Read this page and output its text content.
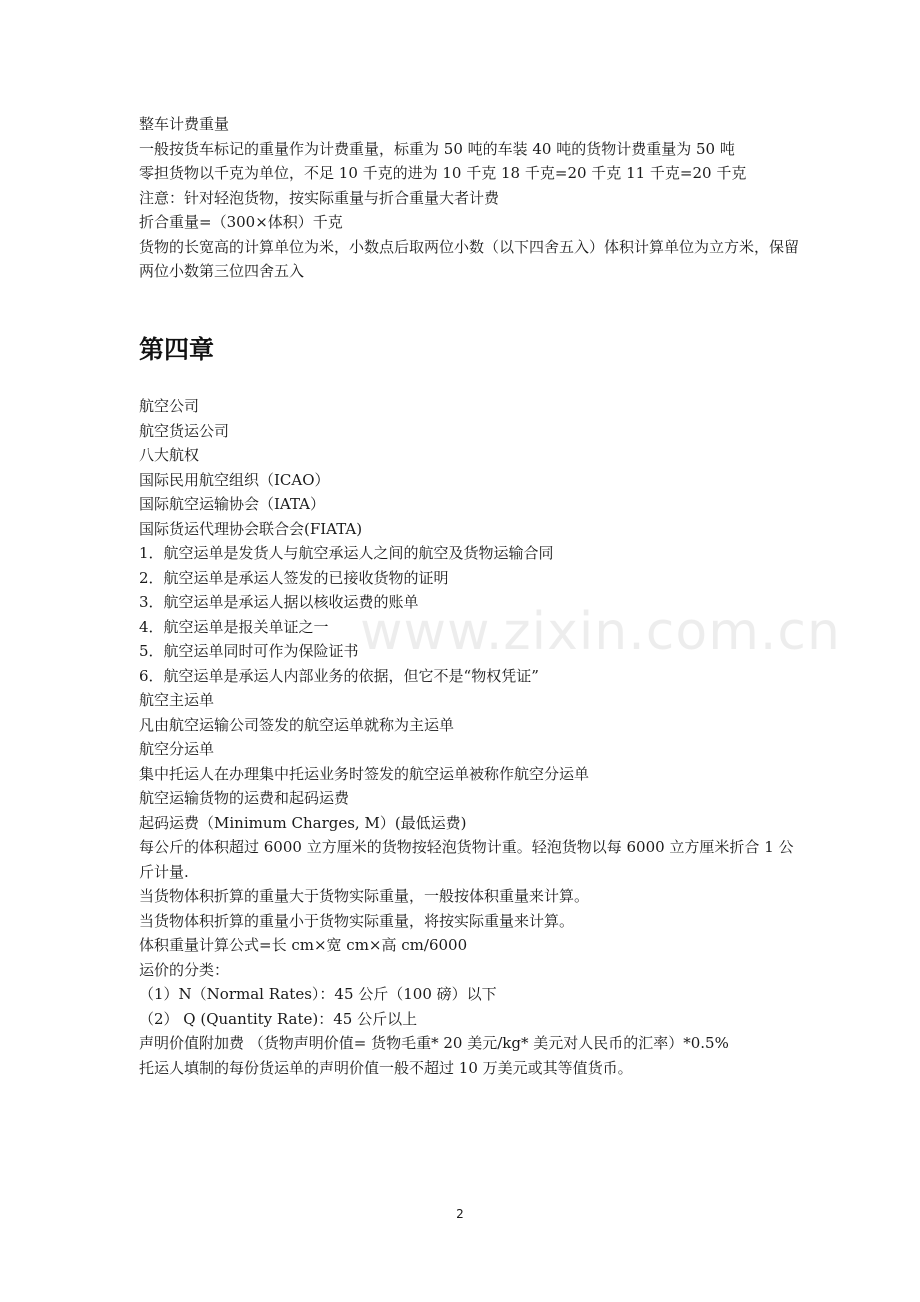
整车计费重量
一般按货车标记的重量作为计费重量，标重为 50 吨的车装 40 吨的货物计费重量为 50 吨
零担货物以千克为单位，不足 10 千克的进为 10 千克 18 千克=20 千克 11 千克=20 千克
注意：针对轻泡货物，按实际重量与折合重量大者计费
折合重量=（300×体积）千克
货物的长宽高的计算单位为米，小数点后取两位小数（以下四舍五入）体积计算单位为立方米，保留两位小数第三位四舍五入
第四章
www.zixin.com.cn
航空公司
航空货运公司
八大航权
国际民用航空组织（ICAO）
国际航空运输协会（IATA）
国际货运代理协会联合会(FIATA)
1．航空运单是发货人与航空承运人之间的航空及货物运输合同
2．航空运单是承运人签发的已接收货物的证明
3．航空运单是承运人据以核收运费的账单
4．航空运单是报关单证之一
5．航空运单同时可作为保险证书
6．航空运单是承运人内部业务的依据，但它不是“物权凭证”
航空主运单
凡由航空运输公司签发的航空运单就称为主运单
航空分运单
集中托运人在办理集中托运业务时签发的航空运单被称作航空分运单
航空运输货物的运费和起码运费
起码运费（Minimum Charges, M）(最低运费)
每公斤的体积超过 6000 立方厘米的货物按轻泡货物计重。轻泡货物以每 6000 立方厘米折合 1 公斤计量.
当货物体积折算的重量大于货物实际重量，一般按体积重量来计算。
当货物体积折算的重量小于货物实际重量，将按实际重量来计算。
体积重量计算公式=长 cm×宽 cm×高 cm/6000
运价的分类：
（1）N（Normal Rates）：45 公斤（100 磅）以下
（2） Q (Quantity Rate)：45 公斤以上
声明价值附加费 （货物声明价值= 货物毛重* 20 美元/kg* 美元对人民币的汇率）*0.5%
托运人填制的每份货运单的声明价值一般不超过 10 万美元或其等值货币。
2
